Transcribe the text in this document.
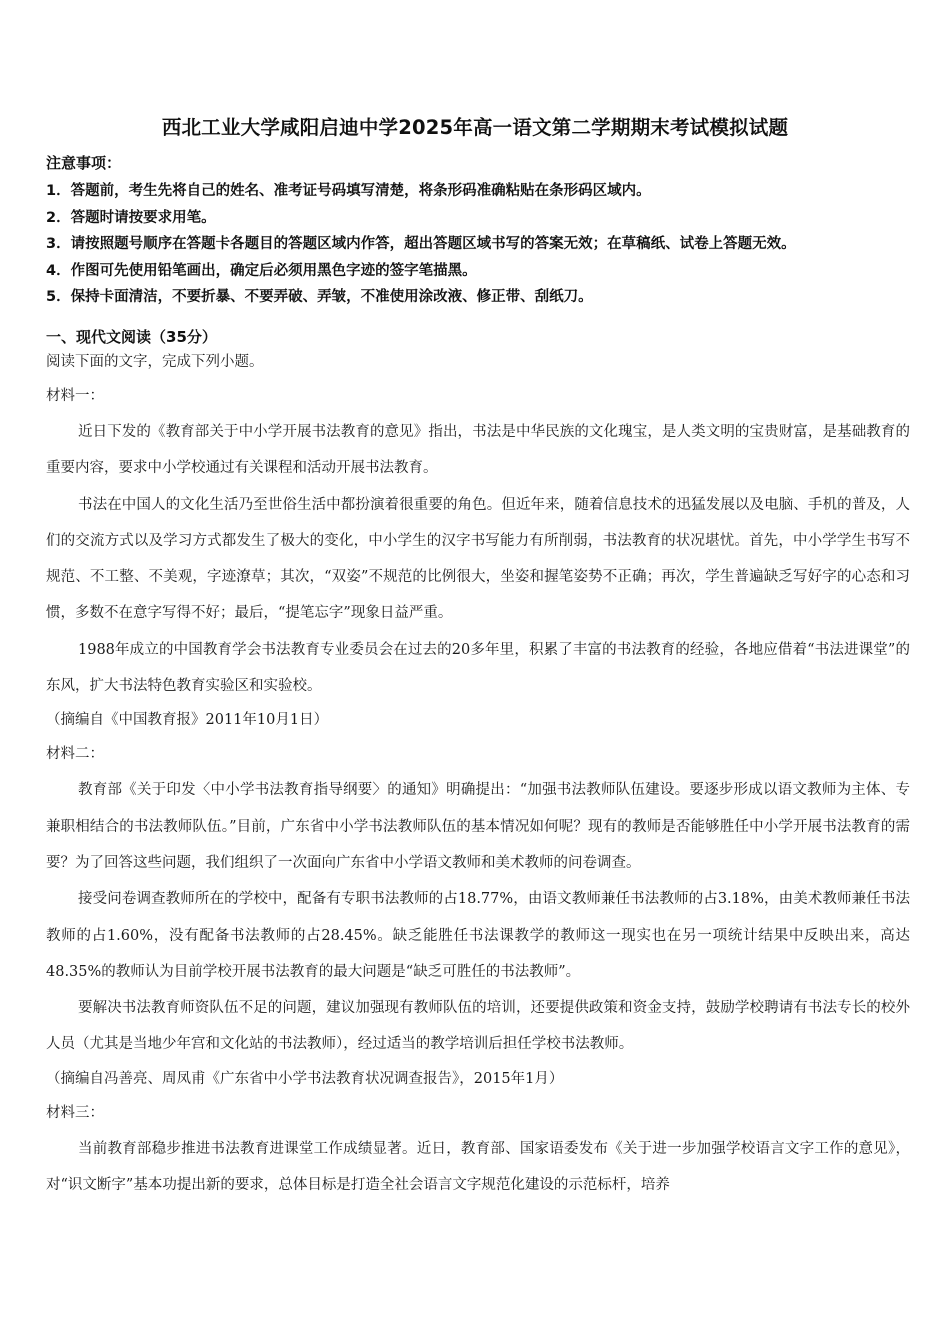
西北工业大学咸阳启迪中学2025年高一语文第二学期期末考试模拟试题
注意事项：
1．答题前，考生先将自己的姓名、准考证号码填写清楚，将条形码准确粘贴在条形码区域内。
2．答题时请按要求用笔。
3．请按照题号顺序在答题卡各题目的答题区域内作答，超出答题区域书写的答案无效；在草稿纸、试卷上答题无效。
4．作图可先使用铅笔画出，确定后必须用黑色字迹的签字笔描黑。
5．保持卡面清洁，不要折暴、不要弄破、弄皱，不准使用涂改液、修正带、刮纸刀。
一、现代文阅读（35分）
阅读下面的文字，完成下列小题。
材料一：
近日下发的《教育部关于中小学开展书法教育的意见》指出，书法是中华民族的文化瑰宝，是人类文明的宝贵财富，是基础教育的重要内容，要求中小学校通过有关课程和活动开展书法教育。
书法在中国人的文化生活乃至世俗生活中都扮演着很重要的角色。但近年来，随着信息技术的迅猛发展以及电脑、手机的普及，人们的交流方式以及学习方式都发生了极大的变化，中小学生的汉字书写能力有所削弱，书法教育的状况堪忧。首先，中小学学生书写不规范、不工整、不美观，字迹潦草；其次，“双姿”不规范的比例很大，坐姿和握笔姿势不正确；再次，学生普遍缺乏写好字的心态和习惯，多数不在意字写得不好；最后，“提笔忘字”现象日益严重。
1988年成立的中国教育学会书法教育专业委员会在过去的20多年里，积累了丰富的书法教育的经验，各地应借着“书法进课堂”的东风，扩大书法特色教育实验区和实验校。
（摘编自《中国教育报》2011年10月1日）
材料二：
教育部《关于印发〈中小学书法教育指导纲要〉的通知》明确提出：“加强书法教师队伍建设。要逐步形成以语文教师为主体、专兼职相结合的书法教师队伍。”目前，广东省中小学书法教师队伍的基本情况如何呢？现有的教师是否能够胜任中小学开展书法教育的需要？为了回答这些问题，我们组织了一次面向广东省中小学语文教师和美术教师的问卷调查。
接受问卷调查教师所在的学校中，配备有专职书法教师的占18.77%，由语文教师兼任书法教师的占3.18%，由美术教师兼任书法教师的占1.60%，没有配备书法教师的占28.45%。缺乏能胜任书法课教学的教师这一现实也在另一项统计结果中反映出来，高达48.35%的教师认为目前学校开展书法教育的最大问题是“缺乏可胜任的书法教师”。
要解决书法教育师资队伍不足的问题，建议加强现有教师队伍的培训，还要提供政策和资金支持，鼓励学校聘请有书法专长的校外人员（尤其是当地少年宫和文化站的书法教师），经过适当的教学培训后担任学校书法教师。
（摘编自冯善亮、周凤甫《广东省中小学书法教育状况调查报告》，2015年1月）
材料三：
当前教育部稳步推进书法教育进课堂工作成绩显著。近日，教育部、国家语委发布《关于进一步加强学校语言文字工作的意见》，对“识文断字”基本功提出新的要求，总体目标是打造全社会语言文字规范化建设的示范标杆，培养
